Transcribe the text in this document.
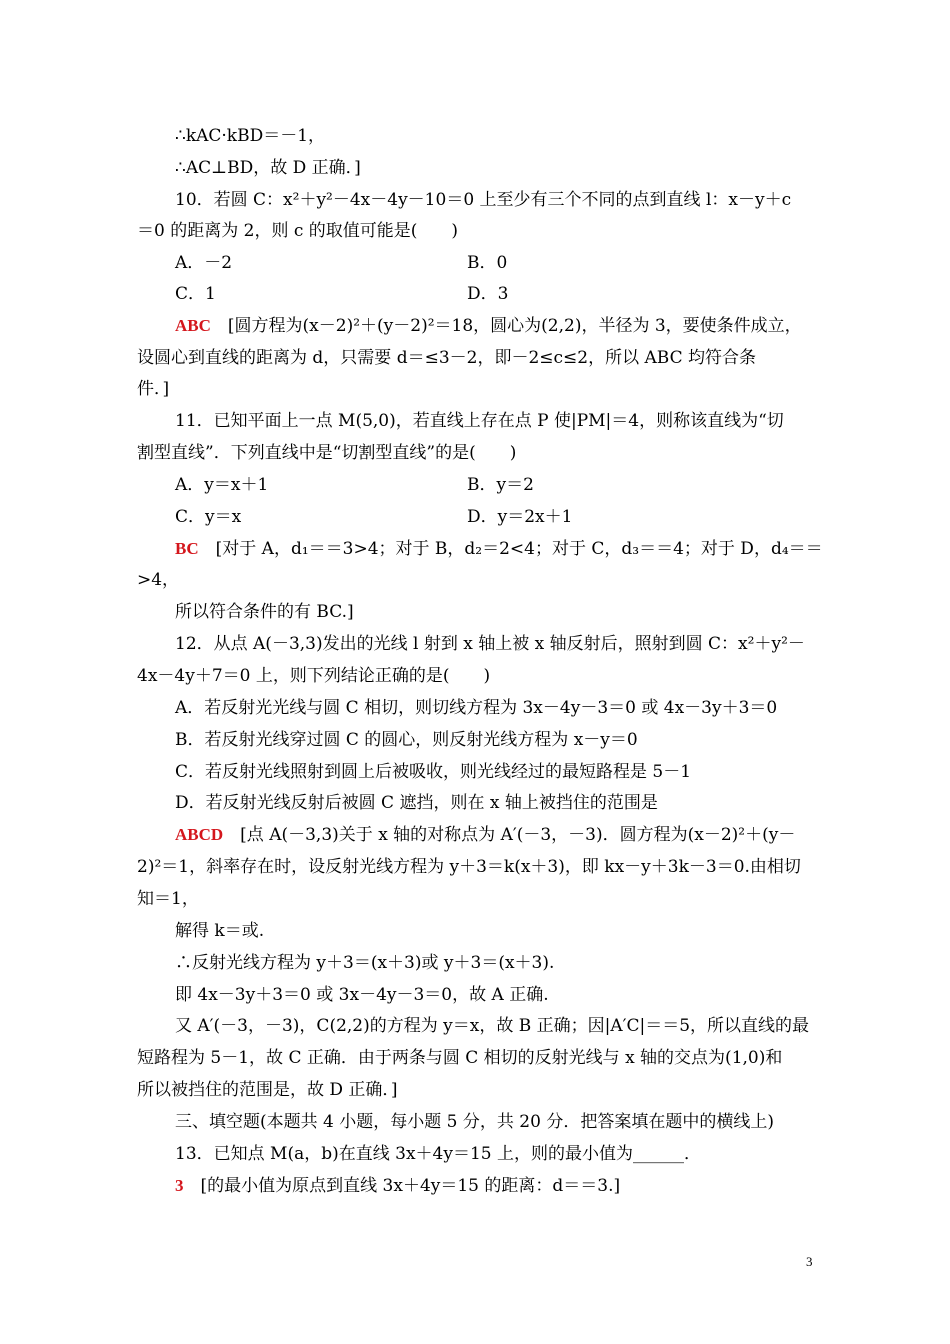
∴kAC·kBD＝－1，
∴AC⊥BD，故 D 正确．]
10．若圆 C：x²＋y²－4x－4y－10＝0 上至少有三个不同的点到直线 l：x－y＋c
＝0 的距离为 2，则 c 的取值可能是(　　)
A．－2	B．0
C．1	D．3
ABC　 [圆方程为(x－2)²＋(y－2)²＝18，圆心为(2,2)，半径为 3，要使条件成立，
设圆心到直线的距离为 d，只需要 d＝≤3－2，即－2≤c≤2，所以 ABC 均符合条
件．]
11．已知平面上一点 M(5,0)，若直线上存在点 P 使|PM|＝4，则称该直线为“切
割型直线”．下列直线中是“切割型直线”的是(　　)
A．y＝x＋1	B．y＝2
C．y＝x	D．y＝2x＋1
BC　 [对于 A，d₁＝＝3>4；对于 B，d₂＝2<4；对于 C，d₃＝＝4；对于 D，d₄＝＝
>4，
所以符合条件的有 BC.]
12．从点 A(－3,3)发出的光线 l 射到 x 轴上被 x 轴反射后，照射到圆 C：x²＋y²－
4x－4y＋7＝0 上，则下列结论正确的是(　　)
A．若反射光光线与圆 C 相切，则切线方程为 3x－4y－3＝0 或 4x－3y＋3＝0
B．若反射光线穿过圆 C 的圆心，则反射光线方程为 x－y＝0
C．若反射光线照射到圆上后被吸收，则光线经过的最短路程是 5－1
D．若反射光线反射后被圆 C 遮挡，则在 x 轴上被挡住的范围是
ABCD　 [点 A(－3,3)关于 x 轴的对称点为 A′(－3，－3)．圆方程为(x－2)²＋(y－
2)²＝1，斜率存在时，设反射光线方程为 y＋3＝k(x＋3)，即 kx－y＋3k－3＝0.由相切
知＝1，
解得 k＝或.
∴反射光线方程为 y＋3＝(x＋3)或 y＋3＝(x＋3).
即 4x－3y＋3＝0 或 3x－4y－3＝0，故 A 正确.
又 A′(－3，－3)，C(2,2)的方程为 y＝x，故 B 正确；因|A′C|＝＝5，所以直线的最
短路程为 5－1，故 C 正确．由于两条与圆 C 相切的反射光线与 x 轴的交点为(1,0)和
所以被挡住的范围是，故 D 正确．]
三、填空题(本题共 4 小题，每小题 5 分，共 20 分．把答案填在题中的横线上)
13．已知点 M(a，b)在直线 3x＋4y＝15 上，则的最小值为______．
3　 [的最小值为原点到直线 3x＋4y＝15 的距离：d＝＝3.]
3
